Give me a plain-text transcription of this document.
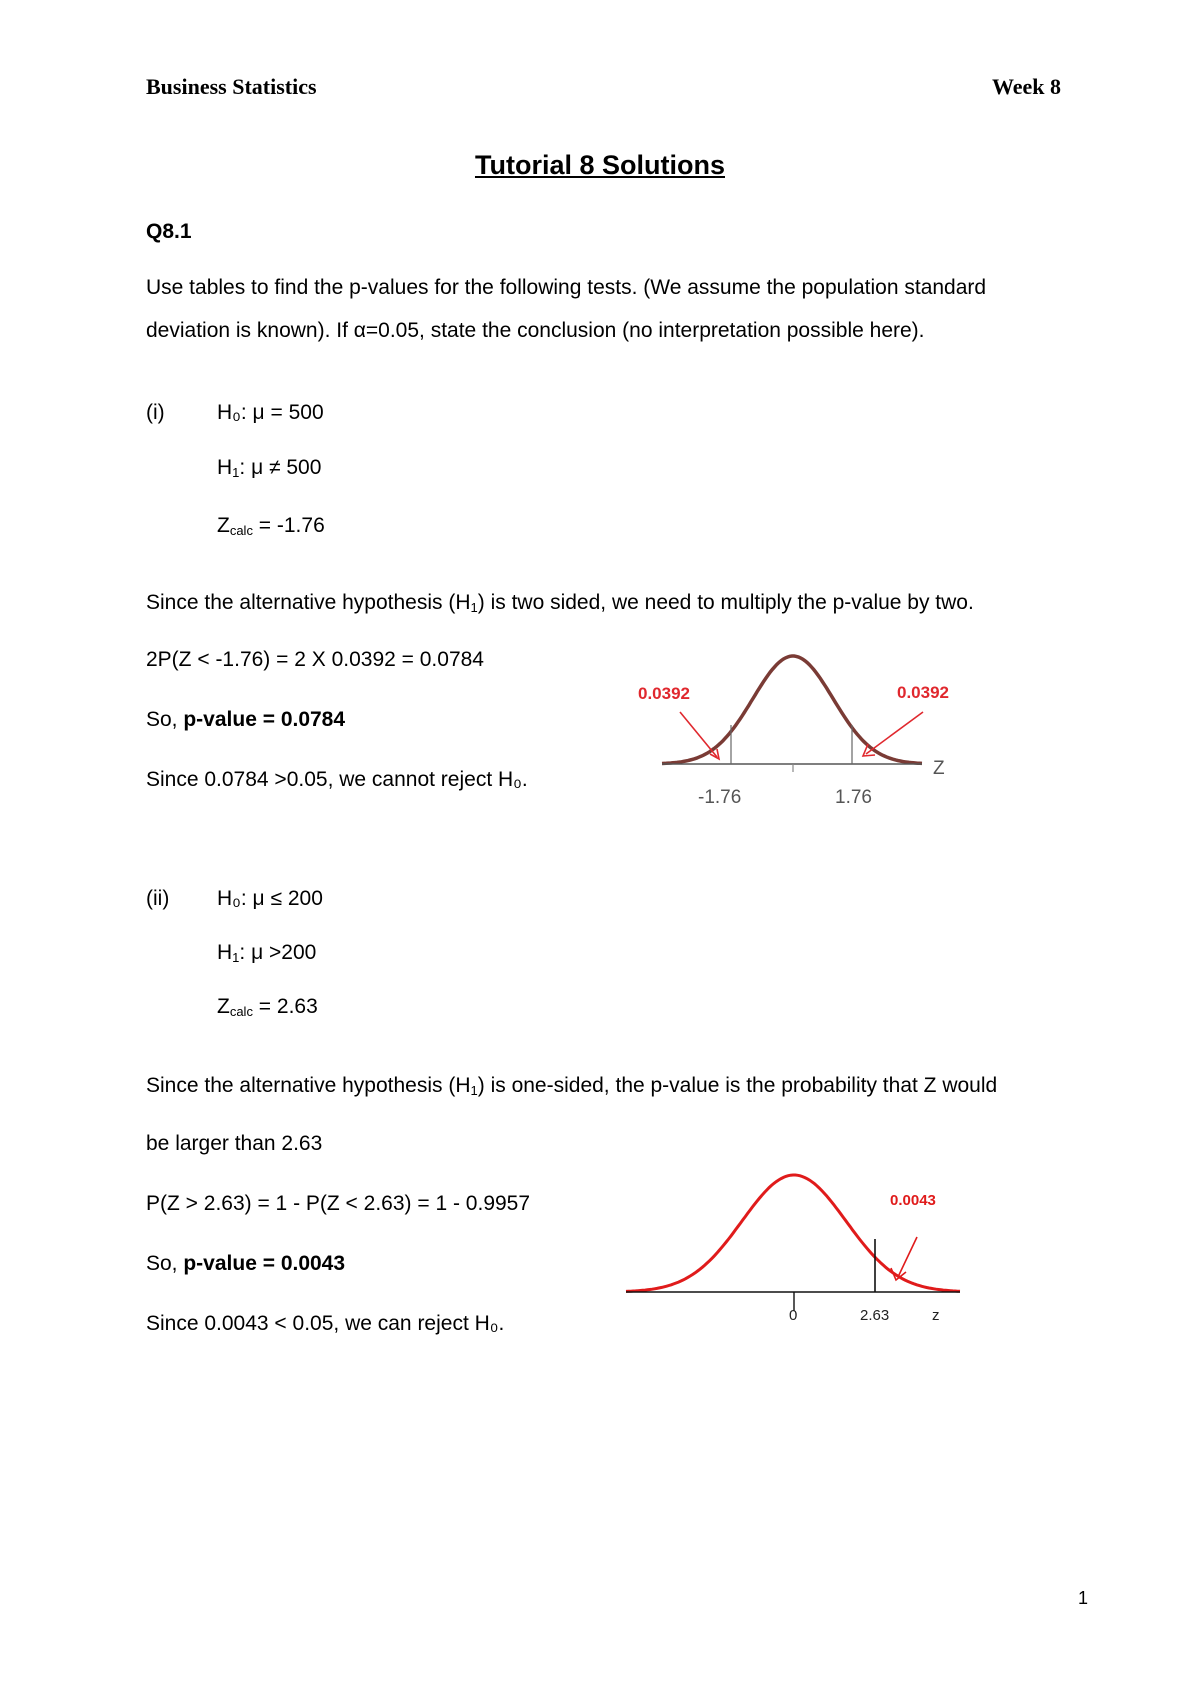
Business Statistics	Week 8
Tutorial 8 Solutions
Q8.1
Use tables to find the p-values for the following tests. (We assume the population standard
deviation is known). If α=0.05, state the conclusion (no interpretation possible here).
(i) H₀: μ = 500
$H_1$: μ ≠ 500
$Z_{calc} = -1.76$
Since the alternative hypothesis $(H_1)$ is two sided, we need to multiply the p-value by two.
2P(Z < -1.76) = 2 X 0.0392 = 0.0784
So, p-value = 0.0784
Since 0.0784 >0.05, we cannot reject H₀.
0.0392	0.0392
Z
-1.76	1.76
(ii) H₀: μ ≤ 200
$H_1$: μ >200
$Z_{calc} = 2.63$
Since the alternative hypothesis $(H_1)$ is one-sided, the p-value is the probability that Z would
be larger than 2.63
P(Z > 2.63) = 1 - P(Z < 2.63) = 1 - 0.9957
So, p-value = 0.0043
Since 0.0043 < 0.05, we can reject H₀.
0.0043
0	2.63	z
1
